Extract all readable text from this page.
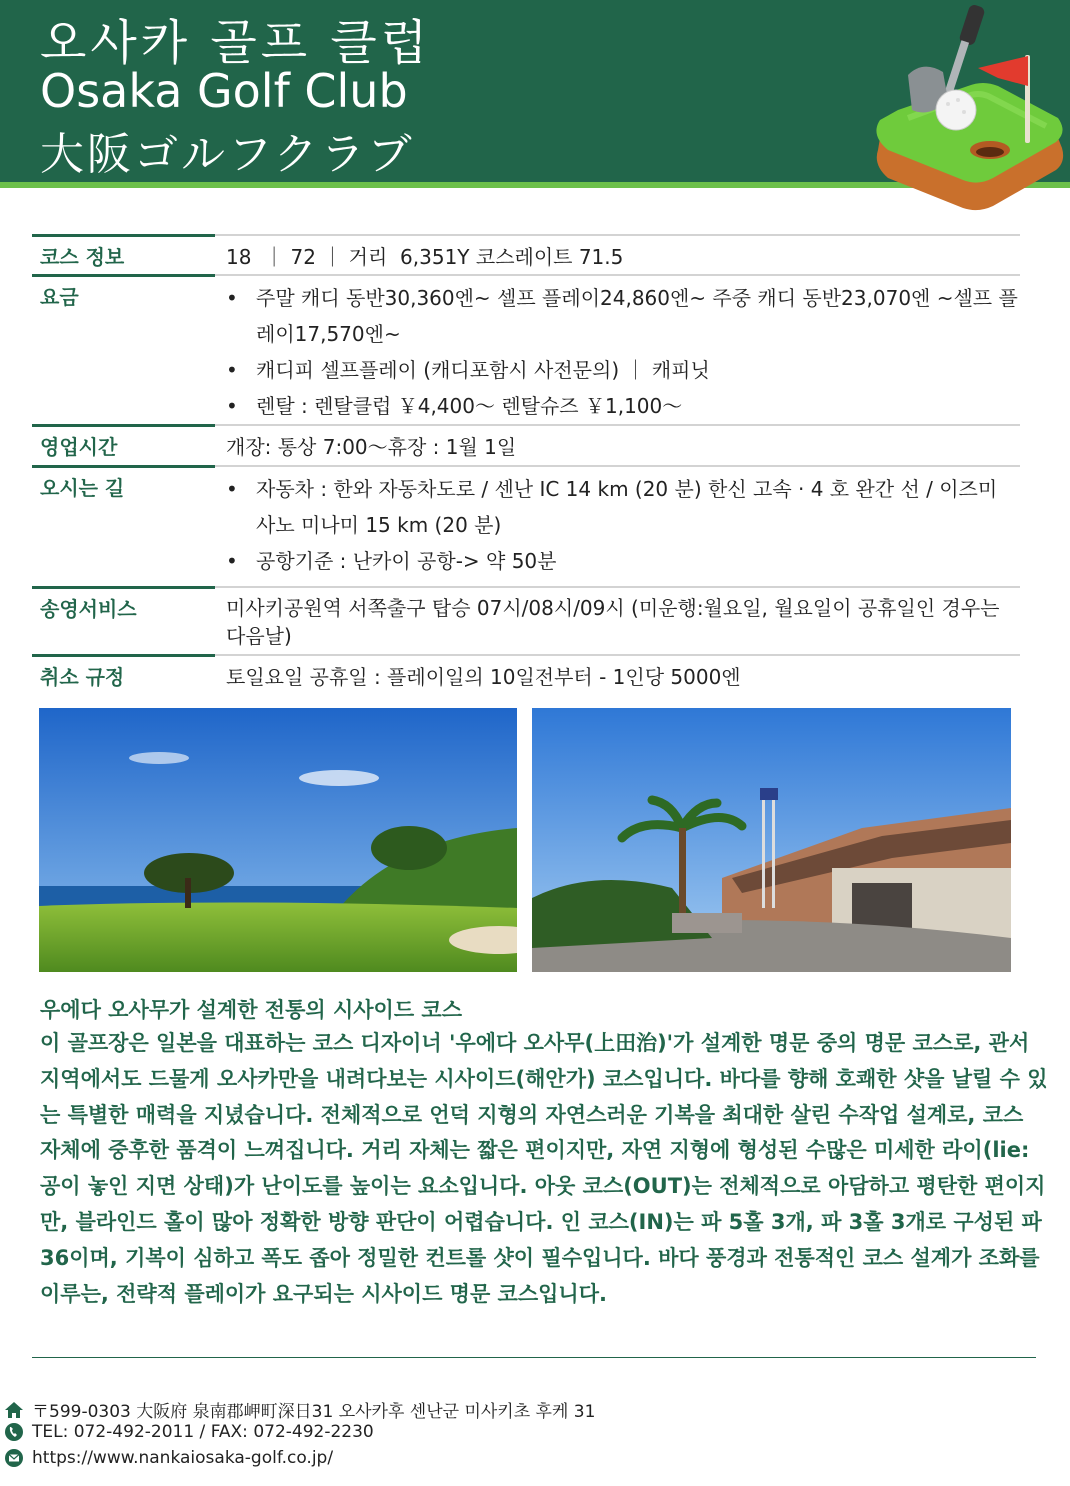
오사카 골프 클럽
Osaka Golf Club
大阪ゴルフクラブ
코스 정보	18  ｜ 72 ｜ 거리  6,351Y 코스레이트 71.5
요금	• 주말 캐디 동반30,360엔~ 셀프 플레이24,860엔~ 주중 캐디 동반23,070엔 ~셀프 플레이17,570엔~
• 캐디피 셀프플레이 (캐디포함시 사전문의) ｜ 캐피닛
• 렌탈 : 렌탈클럽 ￥4,400～ 렌탈슈즈 ￥1,100～
영업시간	개장: 통상 7:00～휴장 : 1월 1일
오시는 길	• 자동차 : 한와 자동차도로 / 센난 IC 14 km (20 분) 한신 고속 · 4 호 완간 선 / 이즈미 사노 미나미 15 km (20 분)
• 공항기준 : 난카이 공항-> 약 50분
송영서비스	미사키공원역 서쪽출구 탑승 07시/08시/09시 (미운행:월요일, 월요일이 공휴일인 경우는 다음날)
취소 규정	토일요일 공휴일 : 플레이일의 10일전부터 - 1인당 5000엔
우에다 오사무가 설계한 전통의 시사이드 코스
이 골프장은 일본을 대표하는 코스 디자이너 '우에다 오사무(上田治)'가 설계한 명문 중의 명문 코스로, 관서 지역에서도 드물게 오사카만을 내려다보는 시사이드(해안가) 코스입니다. 바다를 향해 호쾌한 샷을 날릴 수 있는 특별한 매력을 지녔습니다. 전체적으로 언덕 지형의 자연스러운 기복을 최대한 살린 수작업 설계로, 코스 자체에 중후한 품격이 느껴집니다. 거리 자체는 짧은 편이지만, 자연 지형에 형성된 수많은 미세한 라이(lie: 공이 놓인 지면 상태)가 난이도를 높이는 요소입니다. 아웃 코스(OUT)는 전체적으로 아담하고 평탄한 편이지만, 블라인드 홀이 많아 정확한 방향 판단이 어렵습니다. 인 코스(IN)는 파 5홀 3개, 파 3홀 3개로 구성된 파 36이며, 기복이 심하고 폭도 좁아 정밀한 컨트롤 샷이 필수입니다. 바다 풍경과 전통적인 코스 설계가 조화를 이루는, 전략적 플레이가 요구되는 시사이드 명문 코스입니다.
〒599-0303 大阪府 泉南郡岬町深日31 오사카후 센난군 미사키초 후케 31
TEL: 072-492-2011 / FAX: 072-492-2230
https://www.nankaiosaka-golf.co.jp/
